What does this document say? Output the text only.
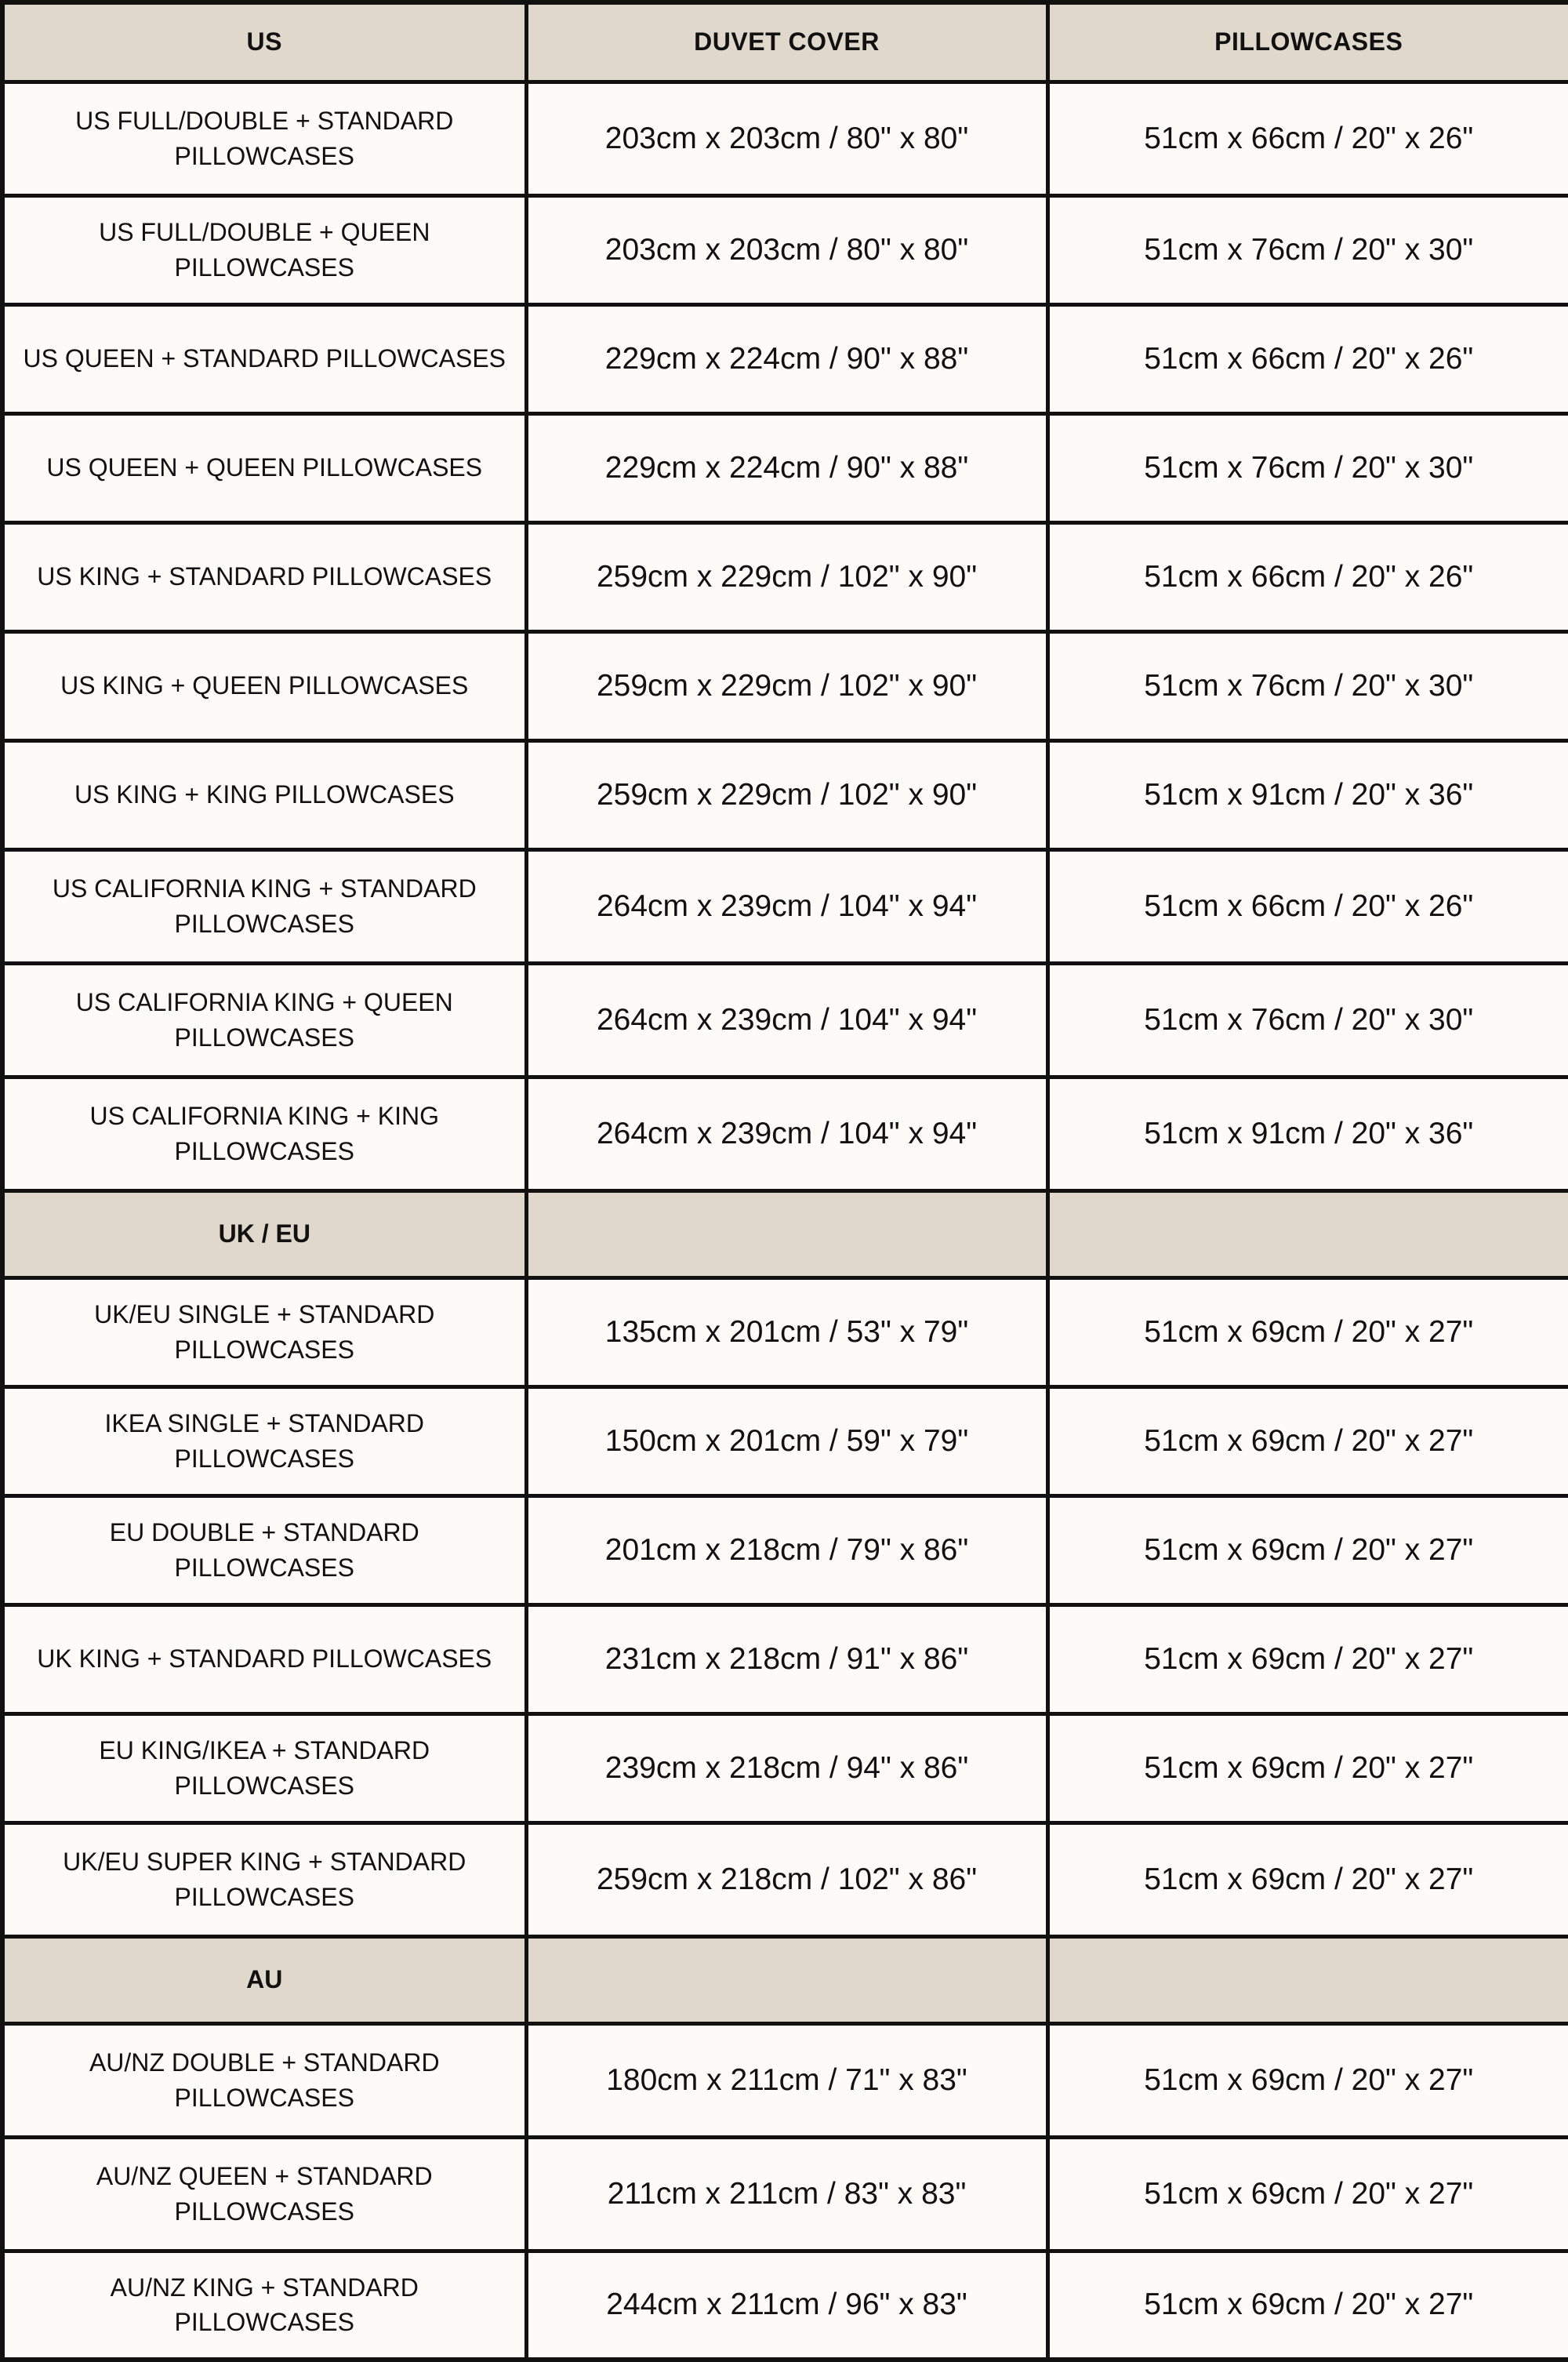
US	DUVET COVER	PILLOWCASES
US FULL/DOUBLE + STANDARD PILLOWCASES	203cm x 203cm / 80" x 80"	51cm x 66cm / 20" x 26"
US FULL/DOUBLE + QUEEN PILLOWCASES	203cm x 203cm / 80" x 80"	51cm x 76cm / 20" x 30"
US QUEEN + STANDARD PILLOWCASES	229cm x 224cm / 90" x 88"	51cm x 66cm / 20" x 26"
US QUEEN + QUEEN PILLOWCASES	229cm x 224cm / 90" x 88"	51cm x 76cm / 20" x 30"
US KING + STANDARD PILLOWCASES	259cm x 229cm / 102" x 90"	51cm x 66cm / 20" x 26"
US KING + QUEEN PILLOWCASES	259cm x 229cm / 102" x 90"	51cm x 76cm / 20" x 30"
US KING + KING PILLOWCASES	259cm x 229cm / 102" x 90"	51cm x 91cm / 20" x 36"
US CALIFORNIA KING + STANDARD PILLOWCASES	264cm x 239cm / 104" x 94"	51cm x 66cm / 20" x 26"
US CALIFORNIA KING + QUEEN PILLOWCASES	264cm x 239cm / 104" x 94"	51cm x 76cm / 20" x 30"
US CALIFORNIA KING + KING PILLOWCASES	264cm x 239cm / 104" x 94"	51cm x 91cm / 20" x 36"
UK / EU		
UK/EU SINGLE + STANDARD PILLOWCASES	135cm x 201cm / 53" x 79"	51cm x 69cm / 20" x 27"
IKEA SINGLE + STANDARD PILLOWCASES	150cm x 201cm / 59" x 79"	51cm x 69cm / 20" x 27"
EU DOUBLE + STANDARD PILLOWCASES	201cm x 218cm / 79" x 86"	51cm x 69cm / 20" x 27"
UK KING + STANDARD PILLOWCASES	231cm x 218cm / 91" x 86"	51cm x 69cm / 20" x 27"
EU KING/IKEA + STANDARD PILLOWCASES	239cm x 218cm / 94" x 86"	51cm x 69cm / 20" x 27"
UK/EU SUPER KING + STANDARD PILLOWCASES	259cm x 218cm / 102" x 86"	51cm x 69cm / 20" x 27"
AU		
AU/NZ DOUBLE + STANDARD PILLOWCASES	180cm x 211cm / 71" x 83"	51cm x 69cm / 20" x 27"
AU/NZ QUEEN + STANDARD PILLOWCASES	211cm x 211cm / 83" x 83"	51cm x 69cm / 20" x 27"
AU/NZ KING + STANDARD PILLOWCASES	244cm x 211cm / 96" x 83"	51cm x 69cm / 20" x 27"
